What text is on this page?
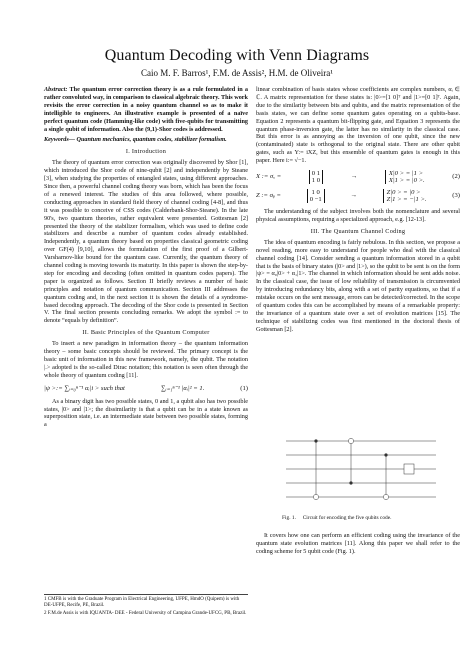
Quantum Decoding with Venn Diagrams
Caio M. F. Barros¹, F.M. de Assis², H.M. de Oliveira¹

Abstract: The quantum error correction theory is as a rule formulated in a rather convoluted way, in comparison to classical algebraic theory. This work revisits the error correction in a noisy quantum channel so as to make it intelligible to engineers. An illustrative example is presented of a naïve perfect quantum code (Hamming-like code) with five-qubits for transmitting a single qubit of information. Also the (9,1)-Shor codes is addressed.

Keywords— Quantum mechanics, quantum codes, stabilizer formalism.

I. Introduction

The theory of quantum error correction was originally discovered by Shor [1], which introduced the Shor code of nine-qubit [2] and independently by Steane [3], when studying the properties of entangled states, using different approaches. Since then, a powerful channel coding theory was born, which has been the focus of a renewed interest. The studies of this area followed, where possible, conducting approaches in standard field theory of channel coding [4-8], and thus it was possible to conceive of CSS codes (Calderbank-Shor-Steane). In the late 90's, two quantum theories, rather equivalent were presented. Gottesman [2] presented the theory of the stabilizer formalism, which was used to define code stabilizers and describe a number of quantum codes already established. Independently, a quantum theory based on properties classical geometric coding over GF(4) [9,10], allows the formulation of the first proof of a Gilbert-Varsharnov-like bound for the quantum case. Currently, the quantum theory of channel coding is moving towards its maturity. In this paper is shown the step-by-step for encoding and decoding (often omitted in quantum codes papers). The paper is organized as follows. Section II briefly reviews a number of basic principles and notation of quantum communication. Section III addresses the quantum coding and, in the next section it is shown the details of a syndrome-based decoding approach. The decoding of the Shor code is presented in Section V. The final section presents concluding remarks. We adopt the symbol := to denote “equals by definition”.

II. Basic Principles of the Quantum Computer

To insert a new paradigm in information theory – the quantum information theory – some basic concepts should be reviewed. The primary concept is the basic unit of information in this new framework, namely, the qubit. The notation |.> adopted is the so-called Dirac notation; this notation is seen often through the whole theory of quantum coding [11].

|ψ >:= ∑ᵢ₌₀ⁿ⁻¹ αᵢ|i > such that	∑ᵢ₌₁ⁿ⁻¹ |αᵢ|² = 1.	(1)

As a binary digit has two possible states, 0 and 1, a qubit also has two possible states, |0> and |1>; the dissimilarity is that a qubit can be in a state known as superposition state, i.e. an intermediate state between two possible states, forming a

1 CMFB is with the Graduate Program in Electrical Engineering, UFPE, HmdO (Quipem) is with DE-UFPE, Recife, PE, Brazil.
2 F.M.de Assis is with IQUANTA- DEE - Federal University of Campina Grande-UFCG, PB, Brazil.

linear combination of basis states whose coefficients are complex numbers, αᵢ ∈ ℂ. A matrix representation for these states is: |0>=[1 0]ᵀ and |1>=[0 1]ᵀ. Again, due to the similarity between bits and qubits, and the matrix representation of the basis states, we can define some quantum gates operating on a qubits-base. Equation 2 represents a quantum bit-flipping gate, and Equation 3 represents the quantum phase-inversion gate, the latter has no similarity in the classical case. But this error is as annoying as the inversion of one qubit, since the new (contaminated) state is orthogonal to the original state. There are other qubit gates, such as Y:= iXZ, but this ensemble of quantum gates is enough in this paper. Here i:= √−1.

X := σₓ =	0 1
1 0
→	X|0 > = |1 >
X|1 > = |0 >.
(2)
Z := σᵩ =	1 0
0 −1
→	Z|0 > = |0 >
Z|1 > = −|1 >.
(3)

The understanding of the subject involves both the nomenclature and several physical assumptions, requiring a specialized approach, e.g. [12-13].

III. The Quantum Channel Coding

The idea of quantum encoding is fairly nebulous. In this section, we propose a novel reading, more easy to understand for people who deal with the classical channel coding [14]. Consider sending a quantum information stored in a qubit that is the basis of binary states (|0> and |1>), so the qubit to be sent is on the form |ψ> = α₀|0> + α₁|1>. The channel in which information should be sent adds noise. In the classical case, the issue of low reliability of transmission is circumvented by introducing redundancy bits, along with a set of parity equations, so that if a mistake occurs on the sent message, errors can be detected/corrected. In the scope of quantum codes this can be accomplished by means of a remarkable property: the invariance of a quantum state over a set of evolution matrices [15]. The technique of stabilizing codes was first mentioned in the doctoral thesis of Gottesman [2].

Fig. 1. Circuit for encoding the five qubits code.

It covers how one can perform an efficient coding using the invariance of the quantum state evolution matrices [11]. Along this paper we shall refer to the coding scheme for 5 qubit code (Fig. 1).
